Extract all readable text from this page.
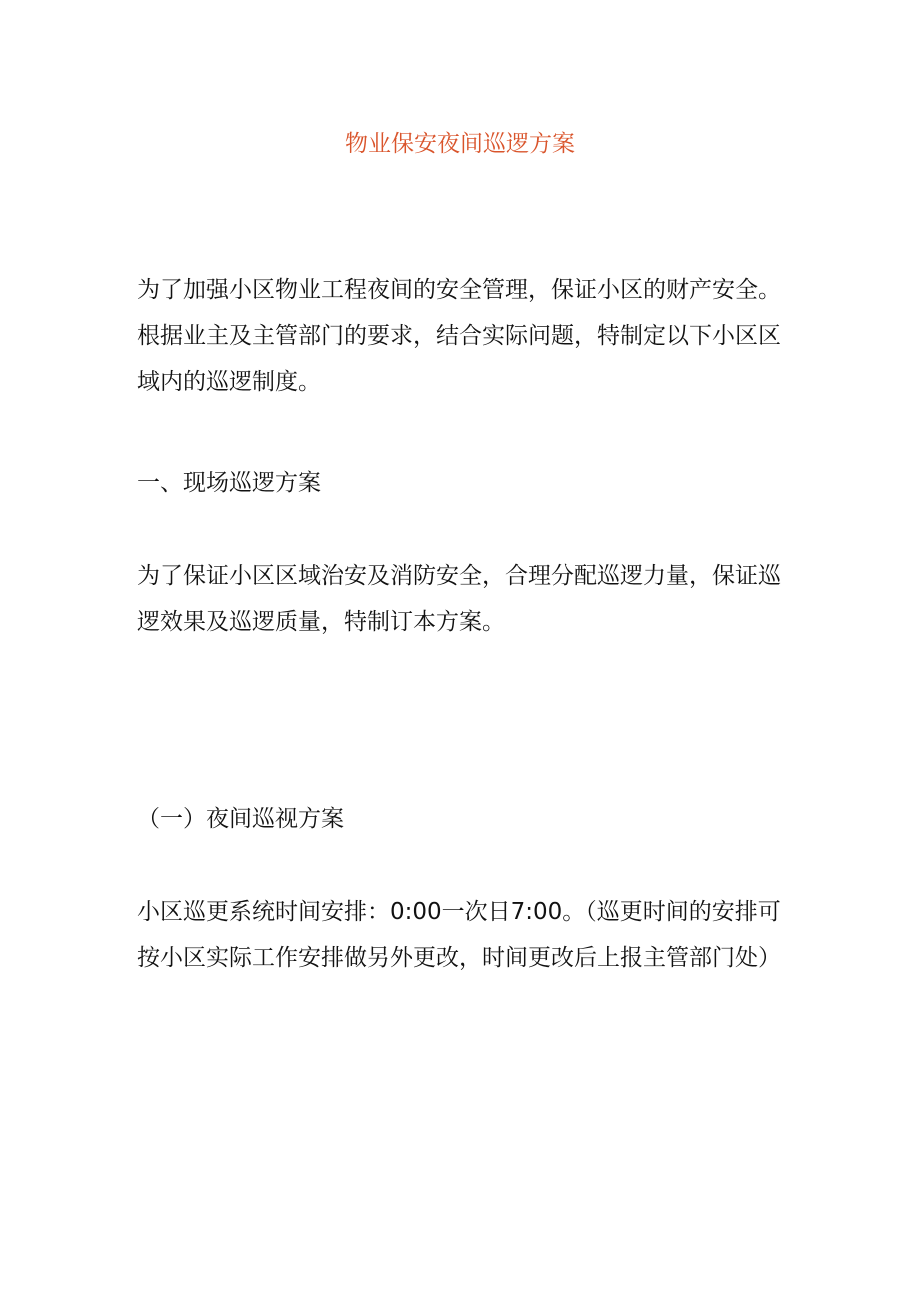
物业保安夜间巡逻方案

为了加强小区物业工程夜间的安全管理，保证小区的财产安全。根据业主及主管部门的要求，结合实际问题，特制定以下小区区域内的巡逻制度。

一、现场巡逻方案

为了保证小区区域治安及消防安全，合理分配巡逻力量，保证巡逻效果及巡逻质量，特制订本方案。

（一）夜间巡视方案

小区巡更系统时间安排：0:00一次日7:00。（巡更时间的安排可按小区实际工作安排做另外更改，时间更改后上报主管部门处）
